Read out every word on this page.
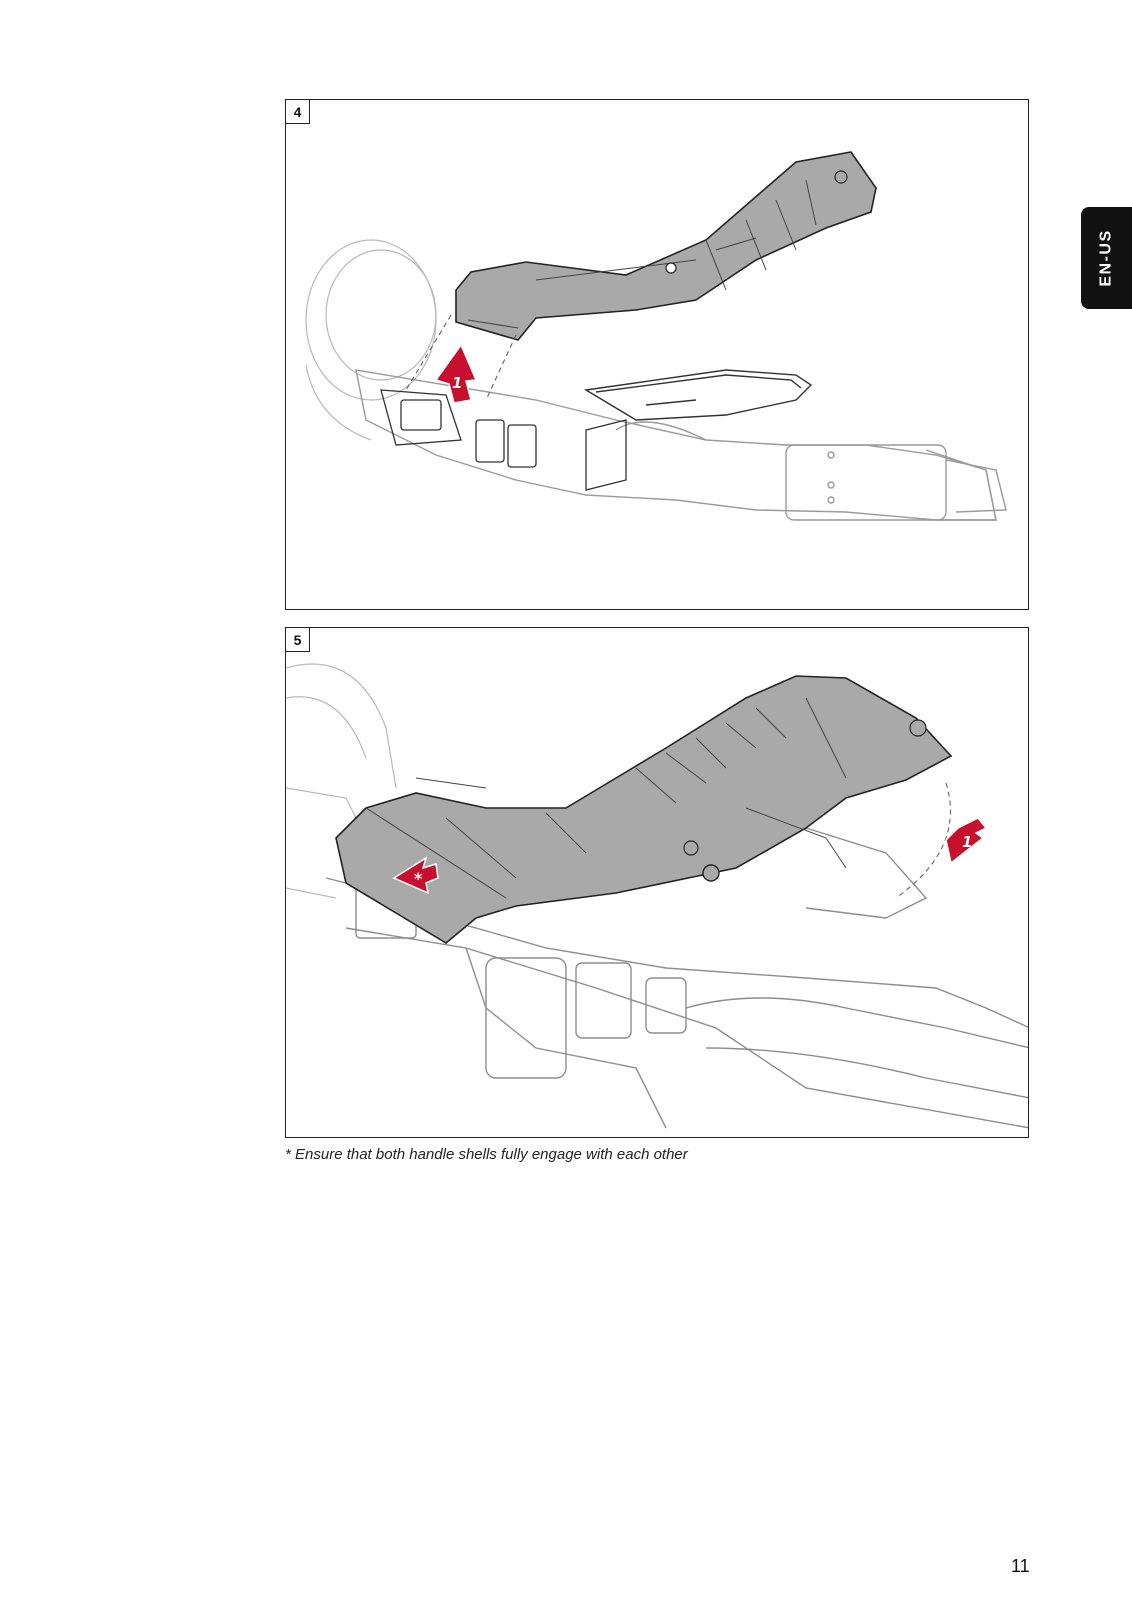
4
1
5
*
1
* Ensure that both handle shells fully engage with each other
EN-US
11
